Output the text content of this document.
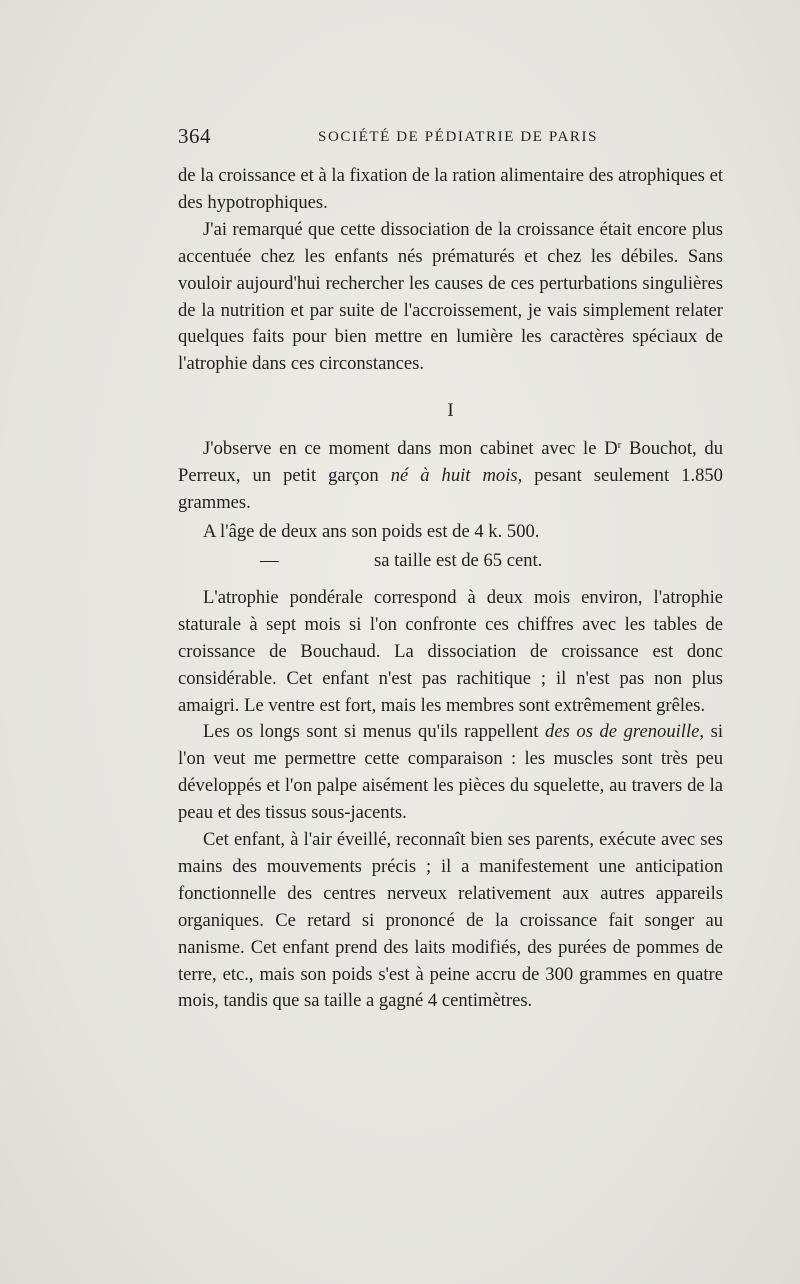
364	SOCIÉTÉ DE PÉDIATRIE DE PARIS

de la croissance et à la fixation de la ration alimentaire des atrophiques et des hypotrophiques.

J'ai remarqué que cette dissociation de la croissance était encore plus accentuée chez les enfants nés prématurés et chez les débiles. Sans vouloir aujourd'hui rechercher les causes de ces perturbations singulières de la nutrition et par suite de l'accroissement, je vais simplement relater quelques faits pour bien mettre en lumière les caractères spéciaux de l'atrophie dans ces circonstances.

I

J'observe en ce moment dans mon cabinet avec le $D^r$ Bouchot, du Perreux, un petit garçon né à huit mois, pesant seulement 1.850 grammes.

A l'âge de deux ans son poids est de 4 k. 500.
—	sa taille est de 65 cent.

L'atrophie pondérale correspond à deux mois environ, l'atrophie staturale à sept mois si l'on confronte ces chiffres avec les tables de croissance de Bouchaud. La dissociation de croissance est donc considérable. Cet enfant n'est pas rachitique ; il n'est pas non plus amaigri. Le ventre est fort, mais les membres sont extrêmement grêles.

Les os longs sont si menus qu'ils rappellent des os de grenouille, si l'on veut me permettre cette comparaison : les muscles sont très peu développés et l'on palpe aisément les pièces du squelette, au travers de la peau et des tissus sous-jacents.

Cet enfant, à l'air éveillé, reconnaît bien ses parents, exécute avec ses mains des mouvements précis ; il a manifestement une anticipation fonctionnelle des centres nerveux relativement aux autres appareils organiques. Ce retard si prononcé de la croissance fait songer au nanisme. Cet enfant prend des laits modifiés, des purées de pommes de terre, etc., mais son poids s'est à peine accru de 300 grammes en quatre mois, tandis que sa taille a gagné 4 centimètres.
